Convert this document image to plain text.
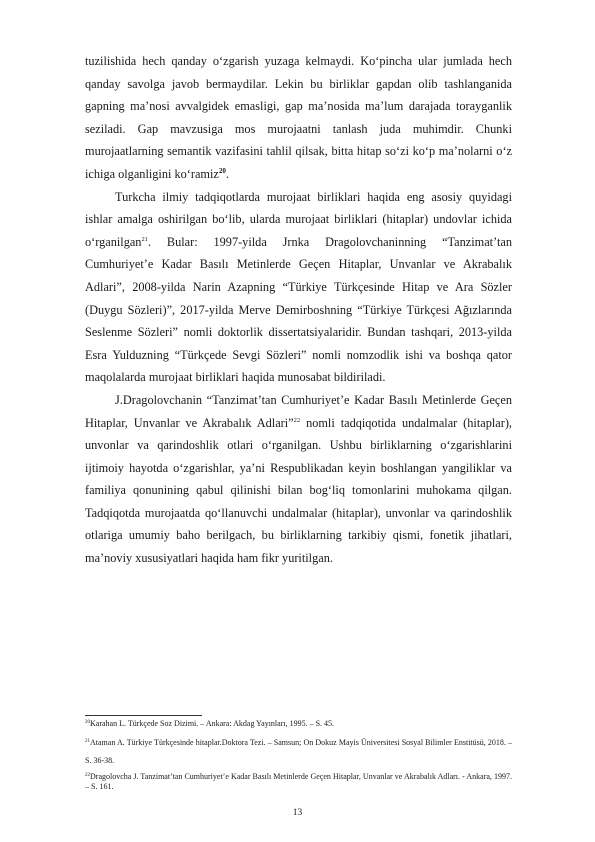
tuzilishida hech qanday o‘zgarish yuzaga kelmaydi. Ko‘pincha ular jumlada hech qanday savolga javob bermaydilar. Lekin bu birliklar gapdan olib tashlanganida gapning ma’nosi avvalgidek emasligi, gap ma’nosida ma’lum darajada torayganlik seziladi. Gap mavzusiga mos murojaatni tanlash juda muhimdir. Chunki murojaatlarning semantik vazifasini tahlil qilsak, bitta hitap so‘zi ko‘p ma’nolarni o‘z ichiga olganligini ko‘ramiz$^{20}$.

Turkcha ilmiy tadqiqotlarda murojaat birliklari haqida eng asosiy quyidagi ishlar amalga oshirilgan bo‘lib, ularda murojaat birliklari (hitaplar) undovlar ichida o‘rganilgan$^{21}$. Bular: 1997-yilda Jrnka Dragolovchaninning “Tanzimat’tan Cumhuriyet’e Kadar Basılı Metinlerde Geçen Hitaplar, Unvanlar ve Akrabalık Adlari”, 2008-yilda Narin Azapning “Türkiye Türkçesinde Hitap ve Ara Sözler (Duygu Sözleri)”, 2017-yilda Merve Demirboshning “Türkiye Türkçesi Ağızlarında Seslenme Sözleri” nomli doktorlik dissertatsiyalaridir. Bundan tashqari, 2013-yilda Esra Yulduzning “Türkçede Sevgi Sözleri” nomli nomzodlik ishi va boshqa qator maqolalarda murojaat birliklari haqida munosabat bildiriladi.

J.Dragolovchanin “Tanzimat’tan Cumhuriyet’e Kadar Basılı Metinlerde Geçen Hitaplar, Unvanlar ve Akrabalık Adlari”$^{22}$ nomli tadqiqotida undalmalar (hitaplar), unvonlar va qarindoshlik otlari o‘rganilgan. Ushbu birliklarning o‘zgarishlarini ijtimoiy hayotda o‘zgarishlar, ya’ni Respublikadan keyin boshlangan yangiliklar va familiya qonunining qabul qilinishi bilan bog‘liq tomonlarini muhokama qilgan. Tadqiqotda murojaatda qo‘llanuvchi undalmalar (hitaplar), unvonlar va qarindoshlik otlariga umumiy baho berilgach, bu birliklarning tarkibiy qismi, fonetik jihatlari, ma’noviy xususiyatlari haqida ham fikr yuritilgan.

$^{20}$Karahan L. Türkçede Soz Dizimi. – Ankara: Akdag Yayınları, 1995. – S. 45.

$^{21}$Ataman A. Türkiye Türkçesinde hitaplar.Doktora Tezi. – Samsun; On Dokuz Mayis Üniversitesi Sosyal Bilimler Enstitüsü, 2018. – S. 36-38.

$^{22}$Dragolovcha J. Tanzimat’tan Cumhuriyet’e Kadar Basılı Metinlerde Geçen Hitaplar, Unvanlar ve Akrabalık Adları. - Ankara, 1997. – S. 161.

13
